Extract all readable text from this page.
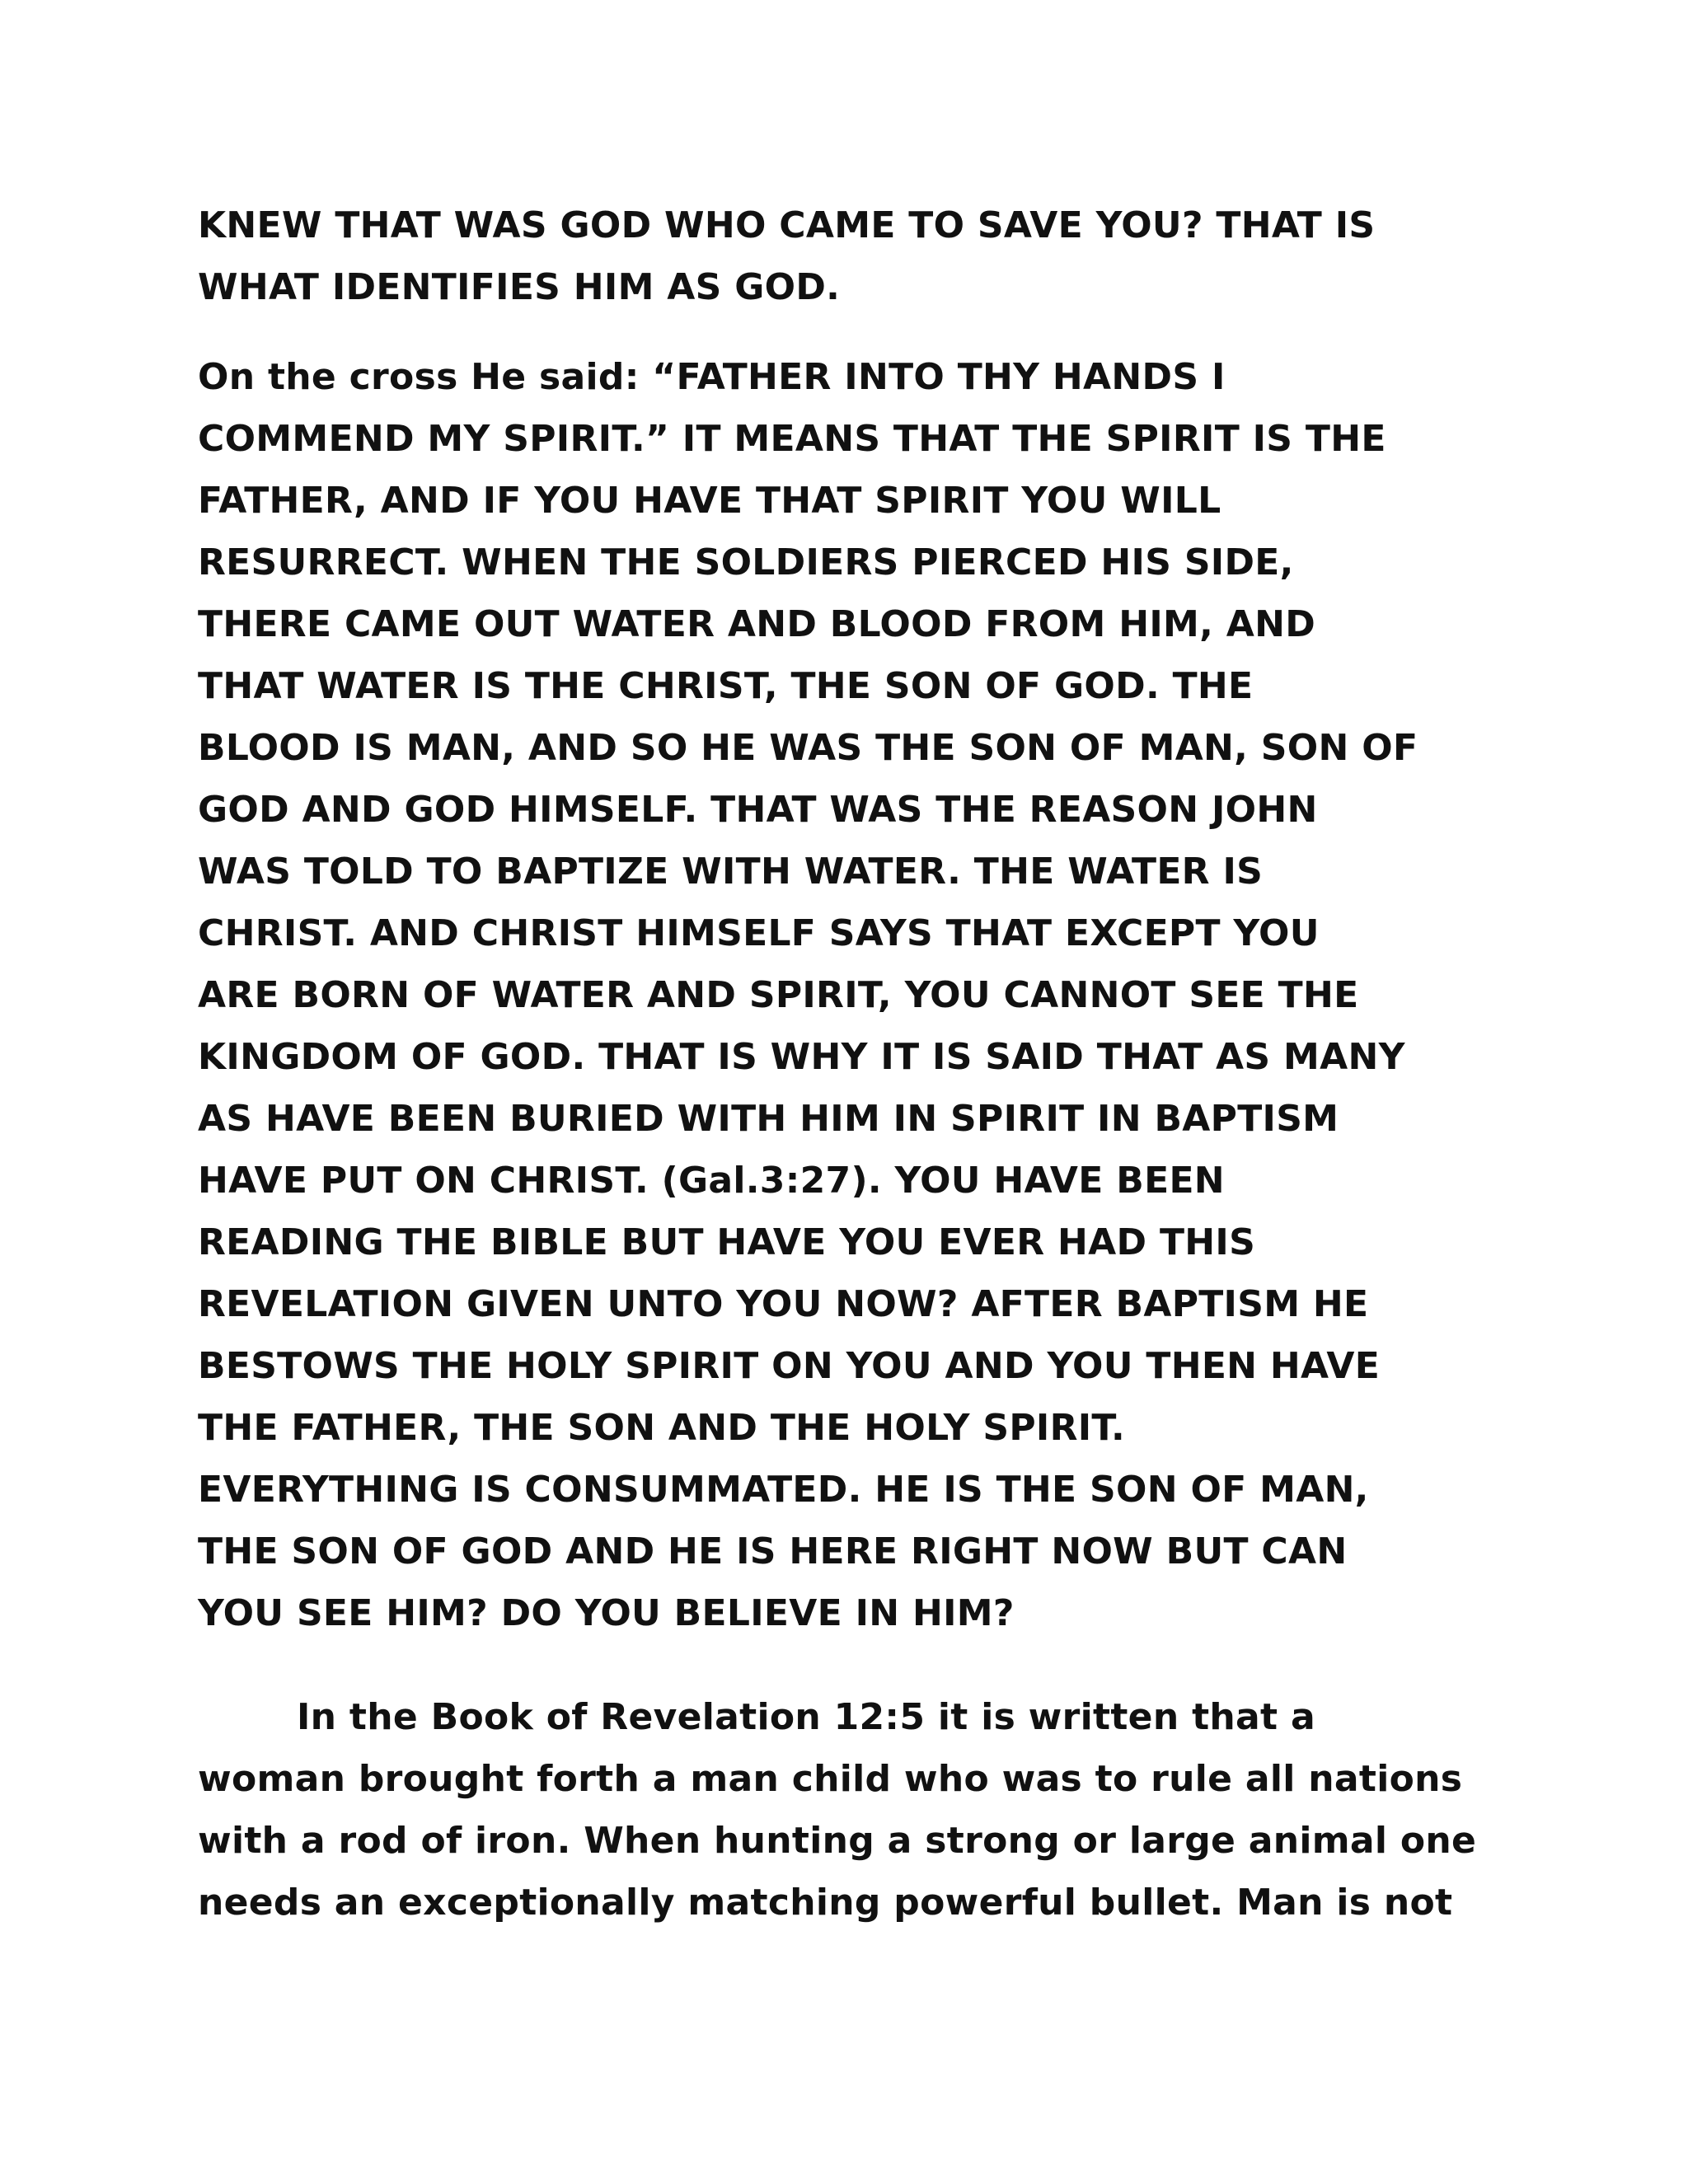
KNEW THAT WAS GOD WHO CAME TO SAVE YOU? THAT IS
WHAT IDENTIFIES HIM AS GOD.

On the cross He said: “FATHER INTO THY HANDS I
COMMEND MY SPIRIT.” IT MEANS THAT THE SPIRIT IS THE
FATHER, AND IF YOU HAVE THAT SPIRIT YOU WILL
RESURRECT. WHEN THE SOLDIERS PIERCED HIS SIDE,
THERE CAME OUT WATER AND BLOOD FROM HIM, AND
THAT WATER IS THE CHRIST, THE SON OF GOD. THE
BLOOD IS MAN, AND SO HE WAS THE SON OF MAN, SON OF
GOD AND GOD HIMSELF. THAT WAS THE REASON JOHN
WAS TOLD TO BAPTIZE WITH WATER. THE WATER IS
CHRIST. AND CHRIST HIMSELF SAYS THAT EXCEPT YOU
ARE BORN OF WATER AND SPIRIT, YOU CANNOT SEE THE
KINGDOM OF GOD. THAT IS WHY IT IS SAID THAT AS MANY
AS HAVE BEEN BURIED WITH HIM IN SPIRIT IN BAPTISM
HAVE PUT ON CHRIST. (Gal.3:27). YOU HAVE BEEN
READING THE BIBLE BUT HAVE YOU EVER HAD THIS
REVELATION GIVEN UNTO YOU NOW? AFTER BAPTISM HE
BESTOWS THE HOLY SPIRIT ON YOU AND YOU THEN HAVE
THE FATHER, THE SON AND THE HOLY SPIRIT.
EVERYTHING IS CONSUMMATED. HE IS THE SON OF MAN,
THE SON OF GOD AND HE IS HERE RIGHT NOW BUT CAN
YOU SEE HIM? DO YOU BELIEVE IN HIM?

In the Book of Revelation 12:5 it is written that a
woman brought forth a man child who was to rule all nations
with a rod of iron. When hunting a strong or large animal one
needs an exceptionally matching powerful bullet. Man is not
